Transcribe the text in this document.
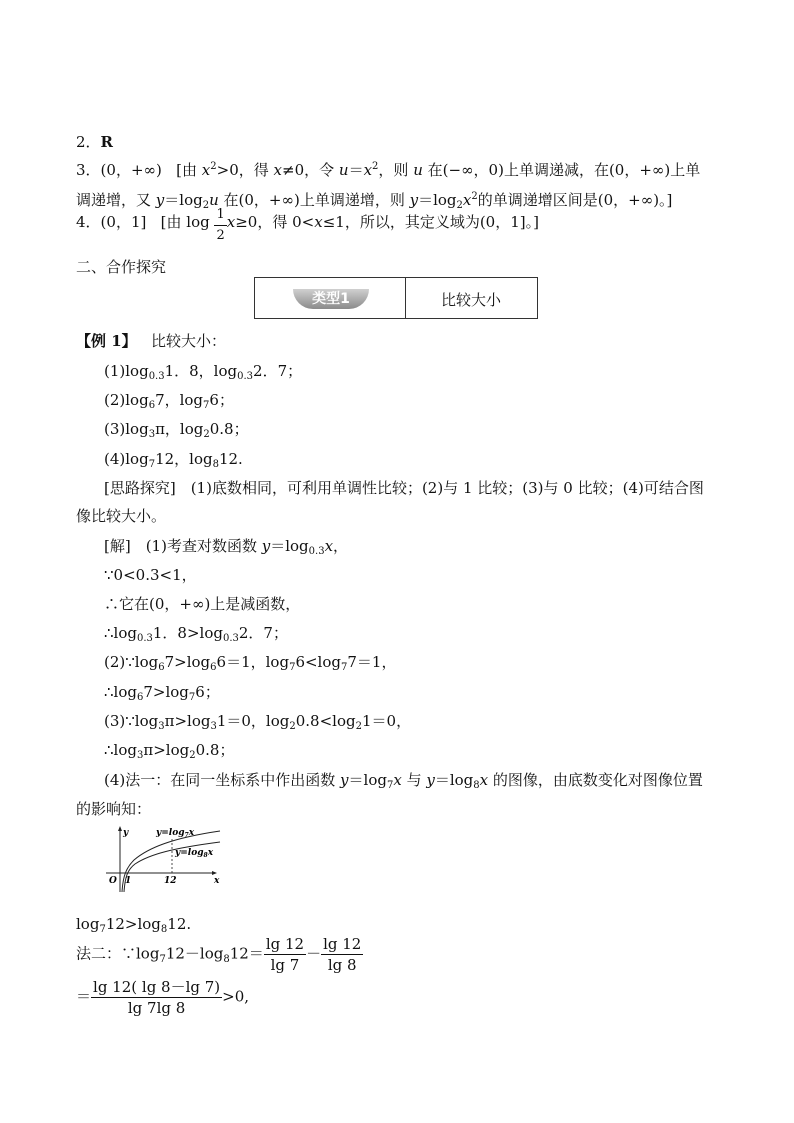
2．R
3．(0，+∞) [由 $x^2>0$，得 x≠0，令 $u=x^2$，则 u 在(−∞，0)上单调递减，在(0，+∞)上单
调递增，又 $y=\log_2u$ 在(0，+∞)上单调递增，则 $y=\log_2x^2$的单调递增区间是(0，+∞)。]
4．(0，1] [由 $\log \frac{1}{2} x\ge 0$，得 0<x≤1，所以，其定义域为(0，1]。]
二、合作探究
类型1	比较大小
【例 1】 比较大小：
$(1)\log_{0.3}1$．8，$\log_{0.3}2$．7；
$(2)\log_67$，$\log_76$；
$(3)\log_3\pi$，$\log_20.8$；
$(4)\log_712$，$\log_812$.
[思路探究]　(1)底数相同，可利用单调性比较；(2)与 1 比较；(3)与 0 比较；(4)可结合图
像比较大小。
[解]　(1)考查对数函数 $y=\log_{0.3}x$，
∵0<0.3<1，
∴它在(0，+∞)上是减函数，
$\therefore\log_{0.3}1$．$8>\log_{0.3}2$．7；
$(2)\because\log_67>\log_66=1$，$\log_76<\log_77=1$，
$\therefore\log_67>\log_76$；
$(3)\because\log_3\pi>\log_31=0$，$\log_20.8<\log_21=0$，
$\therefore\log_3\pi>\log_20.8$；
(4)法一：在同一坐标系中作出函数 $y=\log_7x$ 与 $y=\log_8x$ 的图像，由底数变化对图像位置
的影响知：
y
x
O 1	12
$y=\log_7x$
$y=\log_8x$
$\log_712>\log_812$.
法二：$\because\log_712-\log_812= \frac{\lg 12}{\lg 7} - \frac{\lg 12}{\lg 8}$
＝ $\frac{\lg 12( \lg 8-\lg 7)}{\lg 7\lg 8} >0$,
